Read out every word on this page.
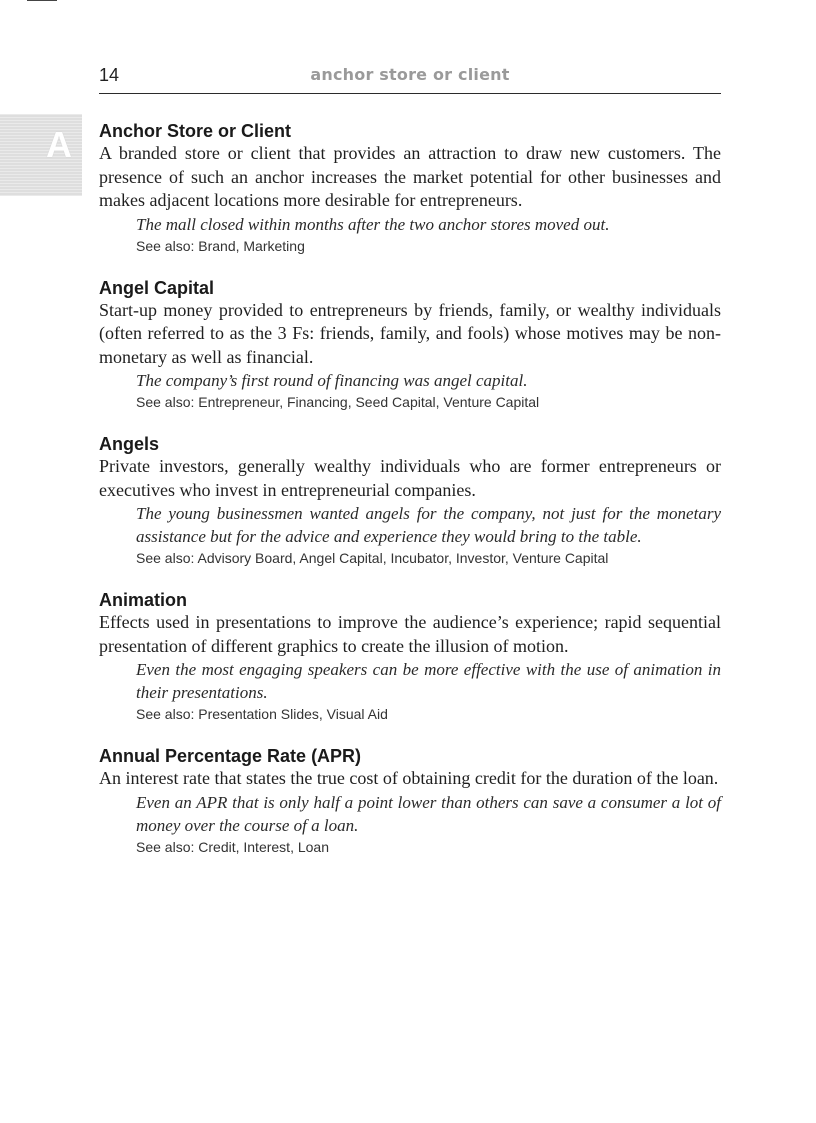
14	anchor store or client
A Anchor Store or Client

A branded store or client that provides an attraction to draw new customers. The presence of such an anchor increases the market potential for other businesses and makes adjacent locations more desirable for entrepreneurs.

The mall closed within months after the two anchor stores moved out.

See also: Brand, Marketing

Angel Capital

Start-up money provided to entrepreneurs by friends, family, or wealthy individuals (often referred to as the 3 Fs: friends, family, and fools) whose motives may be non-monetary as well as financial.

The company’s first round of financing was angel capital.

See also: Entrepreneur, Financing, Seed Capital, Venture Capital

Angels

Private investors, generally wealthy individuals who are former entrepreneurs or executives who invest in entrepreneurial companies.

The young businessmen wanted angels for the company, not just for the monetary assistance but for the advice and experience they would bring to the table.

See also: Advisory Board, Angel Capital, Incubator, Investor, Venture Capital

Animation

Effects used in presentations to improve the audience’s experience; rapid sequential presentation of different graphics to create the illusion of motion.

Even the most engaging speakers can be more effective with the use of animation in their presentations.

See also: Presentation Slides, Visual Aid

Annual Percentage Rate (APR)

An interest rate that states the true cost of obtaining credit for the duration of the loan.

Even an APR that is only half a point lower than others can save a consumer a lot of money over the course of a loan.

See also: Credit, Interest, Loan
